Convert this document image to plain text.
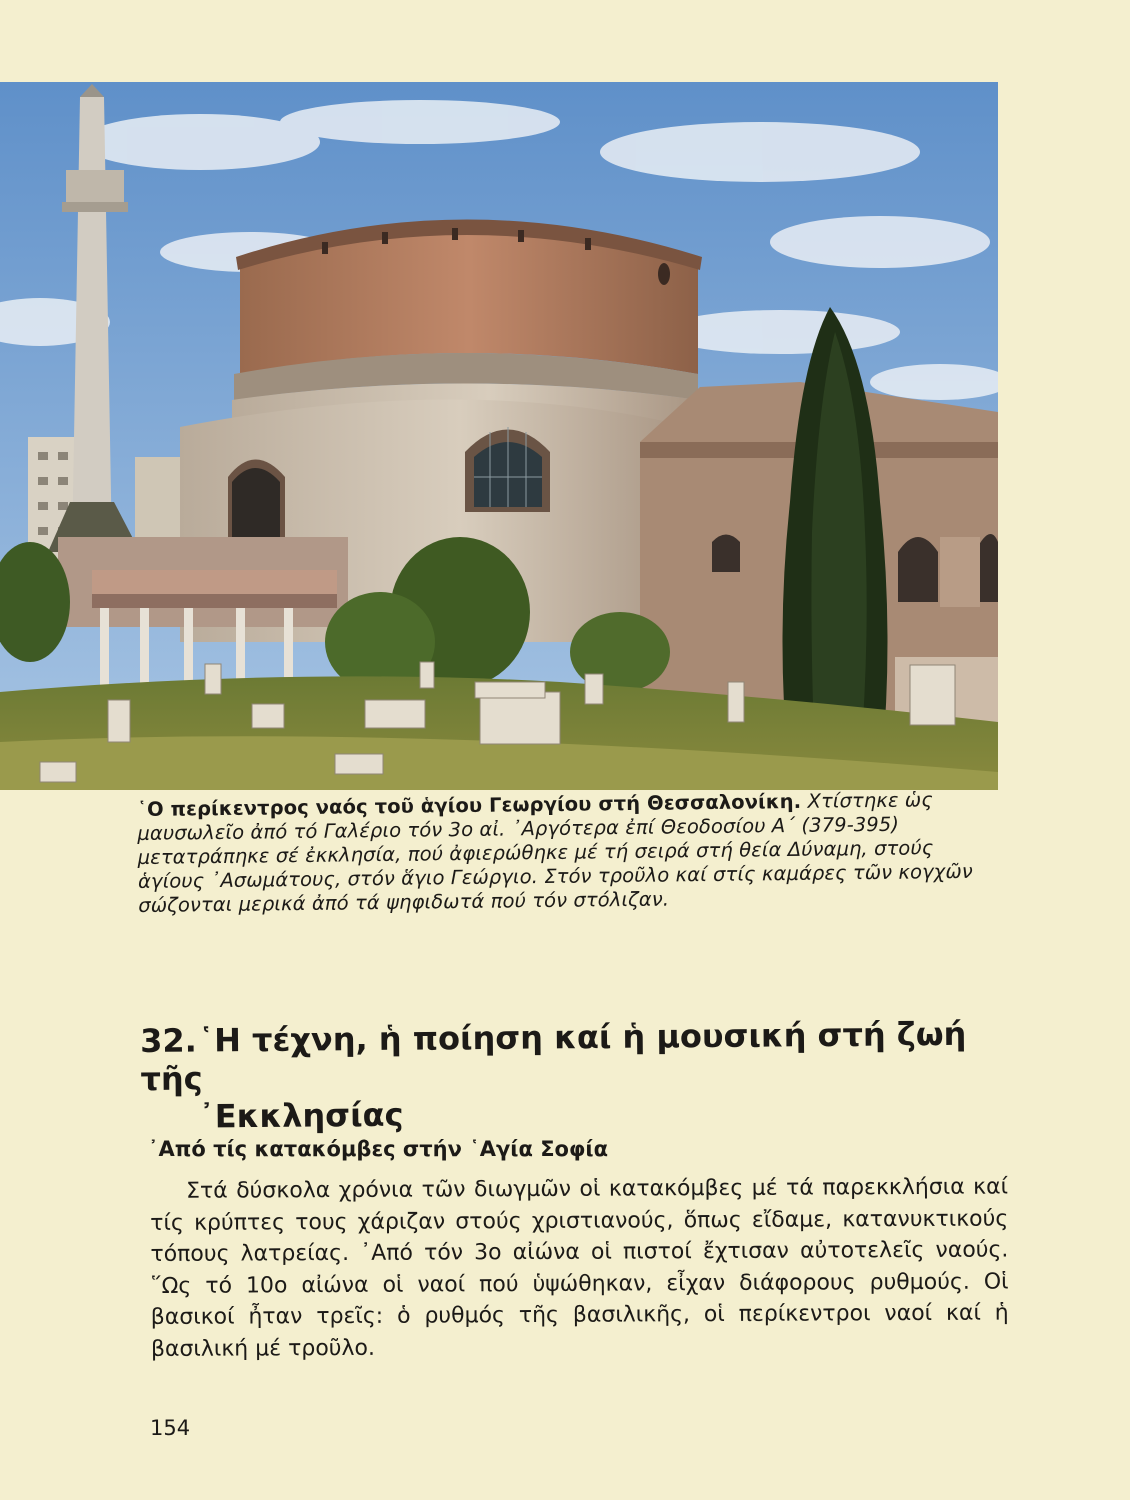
῾Ο περίκεντρος ναός τοῦ ἁγίου Γεωργίου στή Θεσσαλονίκη. Χτίστηκε ὡς μαυσωλεῖο ἀπό τό Γαλέριο τόν 3ο αἰ. ᾿Αργότερα ἐπί Θεοδοσίου Α΄ (379-395) μετατράπηκε σέ ἐκκλησία, πού ἀφιερώθηκε μέ τή σειρά στή θεία Δύναμη, στούς ἁγίους ᾿Ασωμάτους, στόν ἅγιο Γεώργιο. Στόν τροῦλο καί στίς καμάρες τῶν κογχῶν σώζονται μερικά ἀπό τά ψηφιδωτά πού τόν στόλιζαν.
32.῾Η τέχνη, ἡ ποίηση καί ἡ μουσική στή ζωή τῆς
᾿Εκκλησίας
᾿Από τίς κατακόμβες στήν ῾Αγία Σοφία

Στά δύσκολα χρόνια τῶν διωγμῶν οἱ κατακόμβες μέ τά παρεκκλήσια καί τίς κρύπτες τους χάριζαν στούς χριστιανούς, ὅπως εἴδαμε, κατανυκτικούς τόπους λατρείας. ᾿Από τόν 3ο αἰώνα οἱ πιστοί ἔχτισαν αὐτοτελεῖς ναούς. ῞Ως τό 10ο αἰώνα οἱ ναοί πού ὑψώθηκαν, εἶχαν διάφορους ρυθμούς. Οἱ βασικοί ἦταν τρεῖς: ὁ ρυθμός τῆς βασιλικῆς, οἱ περίκεντροι ναοί καί ἡ βασιλική μέ τροῦλο.

154
